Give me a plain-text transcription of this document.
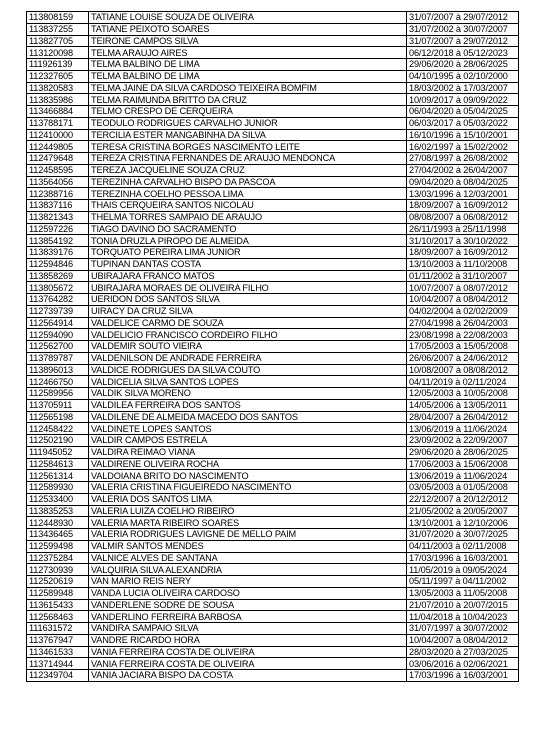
113808159	TATIANE LOUISE SOUZA DE OLIVEIRA	31/07/2007 à 29/07/2012
113837255	TATIANE PEIXOTO SOARES	31/07/2002 à 30/07/2007
113827705	TEIRONE CAMPOS SILVA	31/07/2007 à 29/07/2012
113120098	TELMA ARAUJO AIRES	06/12/2018 à 05/12/2023
111926139	TELMA BALBINO DE LIMA	29/06/2020 à 28/06/2025
112327605	TELMA BALBINO DE LIMA	04/10/1995 à 02/10/2000
113820583	TELMA JAINE DA SILVA CARDOSO TEIXEIRA BOMFIM	18/03/2002 à 17/03/2007
113835986	TELMA RAIMUNDA BRITTO DA CRUZ	10/09/2017 à 09/09/2022
113466884	TELMO CRESPO DE CERQUEIRA	06/04/2020 à 05/04/2025
113788171	TEODULO RODRIGUES CARVALHO JUNIOR	06/03/2017 à 05/03/2022
112410000	TERCILIA ESTER MANGABINHA DA SILVA	16/10/1996 à 15/10/2001
112449805	TERESA CRISTINA BORGES NASCIMENTO LEITE	16/02/1997 à 15/02/2002
112479648	TEREZA CRISTINA FERNANDES DE ARAUJO MENDONCA	27/08/1997 à 26/08/2002
112458595	TEREZA JACQUELINE SOUZA CRUZ	27/04/2002 à 26/04/2007
113564056	TEREZINHA CARVALHO BISPO DA PASCOA	09/04/2020 à 08/04/2025
112388716	TEREZINHA COELHO PESSOA LIMA	13/03/1996 à 12/03/2001
113837116	THAIS CERQUEIRA SANTOS NICOLAU	18/09/2007 à 16/09/2012
113821343	THELMA TORRES SAMPAIO DE ARAUJO	08/08/2007 à 06/08/2012
112597226	TIAGO DAVINO DO SACRAMENTO	26/11/1993 à 25/11/1998
113854192	TONIA DRUZLA PIROPO DE ALMEIDA	31/10/2017 à 30/10/2022
113839176	TORQUATO PEREIRA LIMA JUNIOR	18/09/2007 à 16/09/2012
112594846	TUPINAN DANTAS COSTA	13/10/2003 à 11/10/2008
113858269	UBIRAJARA FRANCO MATOS	01/11/2002 à 31/10/2007
113805672	UBIRAJARA MORAES DE OLIVEIRA FILHO	10/07/2007 à 08/07/2012
113764282	UERIDON DOS SANTOS SILVA	10/04/2007 à 08/04/2012
112739739	UIRACY DA CRUZ SILVA	04/02/2004 à 02/02/2009
112564914	VALDELICE CARMO DE SOUZA	27/04/1998 à 26/04/2003
112594090	VALDELICIO FRANCISCO CORDEIRO FILHO	23/08/1998 à 22/08/2003
112562700	VALDEMIR SOUTO VIEIRA	17/05/2003 à 15/05/2008
113789787	VALDENILSON DE ANDRADE FERREIRA	26/06/2007 à 24/06/2012
113896013	VALDICE RODRIGUES DA SILVA COUTO	10/08/2007 à 08/08/2012
112466750	VALDICELIA SILVA SANTOS LOPES	04/11/2019 à 02/11/2024
112589956	VALDIK SILVA MORENO	12/05/2003 à 10/05/2008
113705911	VALDILEA FERREIRA DOS SANTOS	14/05/2006 à 13/05/2011
112565198	VALDILENE DE ALMEIDA MACEDO DOS SANTOS	28/04/2007 à 26/04/2012
112458422	VALDINETE LOPES SANTOS	13/06/2019 à 11/06/2024
112502190	VALDIR CAMPOS ESTRELA	23/09/2002 à 22/09/2007
111945052	VALDIRA REIMAO VIANA	29/06/2020 à 28/06/2025
112584613	VALDIRENE OLIVEIRA ROCHA	17/06/2003 à 15/06/2008
112561314	VALDOIANA BRITO DO NASCIMENTO	13/06/2019 à 11/06/2024
112589930	VALERIA CRISTINA FIGUEIREDO NASCIMENTO	03/05/2003 à 01/05/2008
112533400	VALERIA DOS SANTOS LIMA	22/12/2007 à 20/12/2012
113835253	VALERIA LUIZA COELHO RIBEIRO	21/05/2002 à 20/05/2007
112448930	VALERIA MARTA RIBEIRO SOARES	13/10/2001 à 12/10/2006
113436465	VALERIA RODRIGUES LAVIGNE DE MELLO PAIM	31/07/2020 à 30/07/2025
112599498	VALMIR SANTOS MENDES	04/11/2003 à 02/11/2008
112375284	VALNICE ALVES DE SANTANA	17/03/1996 à 16/03/2001
112730939	VALQUIRIA SILVA ALEXANDRIA	11/05/2019 à 09/05/2024
112520619	VAN MARIO REIS NERY	05/11/1997 à 04/11/2002
112589948	VANDA LUCIA OLIVEIRA CARDOSO	13/05/2003 à 11/05/2008
113615433	VANDERLENE SODRE DE SOUSA	21/07/2010 à 20/07/2015
112568463	VANDERLINO FERREIRA BARBOSA	11/04/2018 à 10/04/2023
111631572	VANDIRA SAMPAIO SILVA	31/07/1997 à 30/07/2002
113767947	VANDRE RICARDO HORA	10/04/2007 à 08/04/2012
113461533	VANIA FERREIRA COSTA DE OLIVEIRA	28/03/2020 à 27/03/2025
113714944	VANIA FERREIRA COSTA DE OLIVEIRA	03/06/2016 à 02/06/2021
112349704	VANIA JACIARA BISPO DA COSTA	17/03/1996 à 16/03/2001
